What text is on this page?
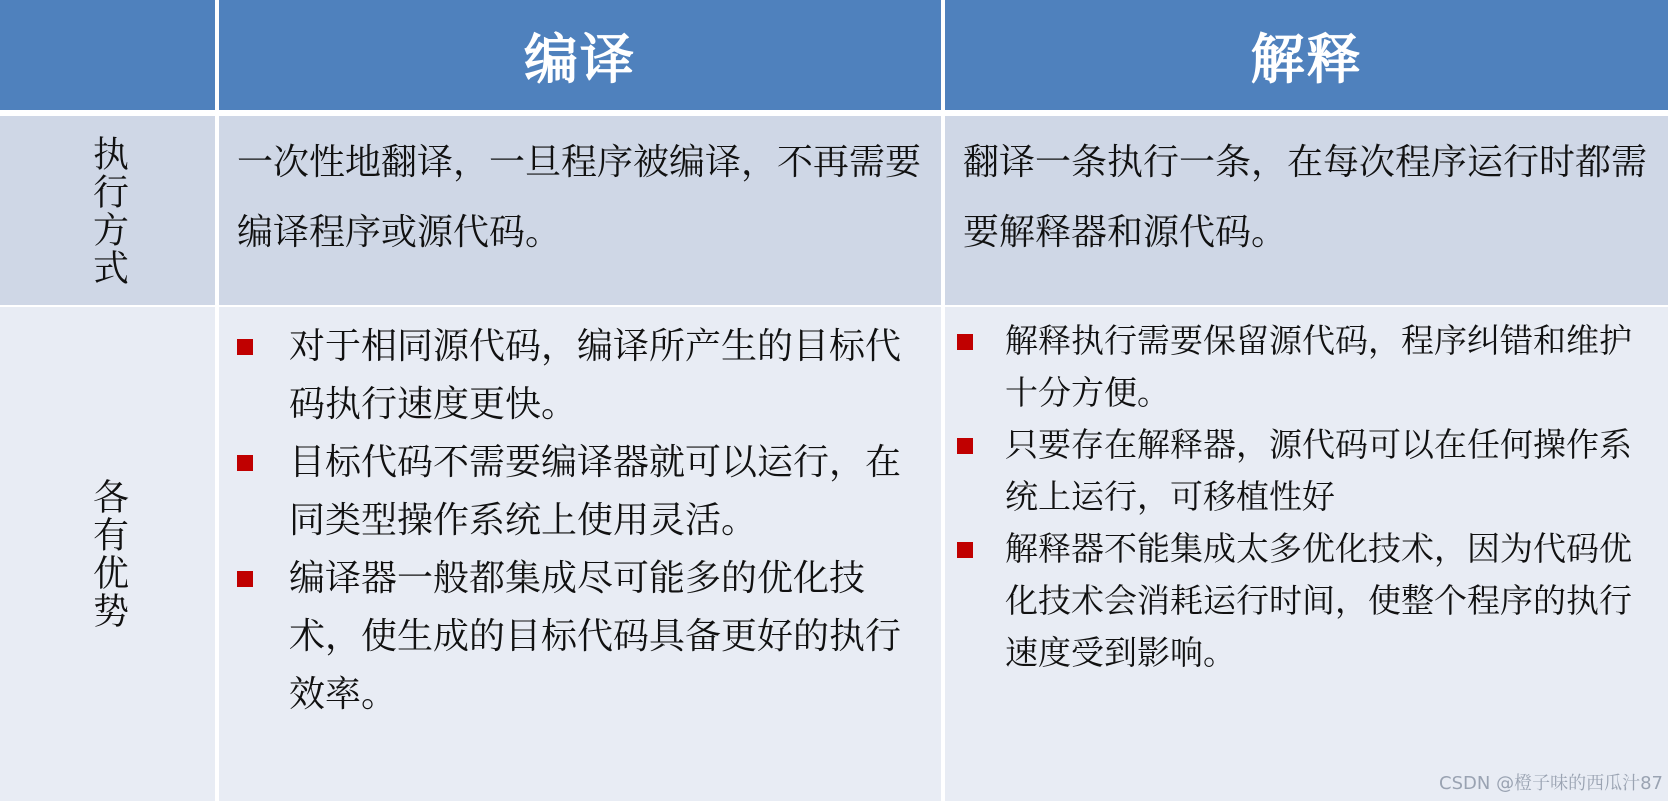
编译	解释
执行方式	一次性地翻译，一旦程序被编译，不再需要编译程序或源代码。
翻译一条执行一条，在每次程序运行时都需要解释器和源代码。
各有优势
对于相同源代码，编译所产生的目标代码执行速度更快。
目标代码不需要编译器就可以运行，在同类型操作系统上使用灵活。
编译器一般都集成尽可能多的优化技术，使生成的目标代码具备更好的执行效率。
解释执行需要保留源代码，程序纠错和维护十分方便。
只要存在解释器，源代码可以在任何操作系统上运行，可移植性好
解释器不能集成太多优化技术，因为代码优化技术会消耗运行时间，使整个程序的执行速度受到影响。
CSDN @橙子味的西瓜汁87
